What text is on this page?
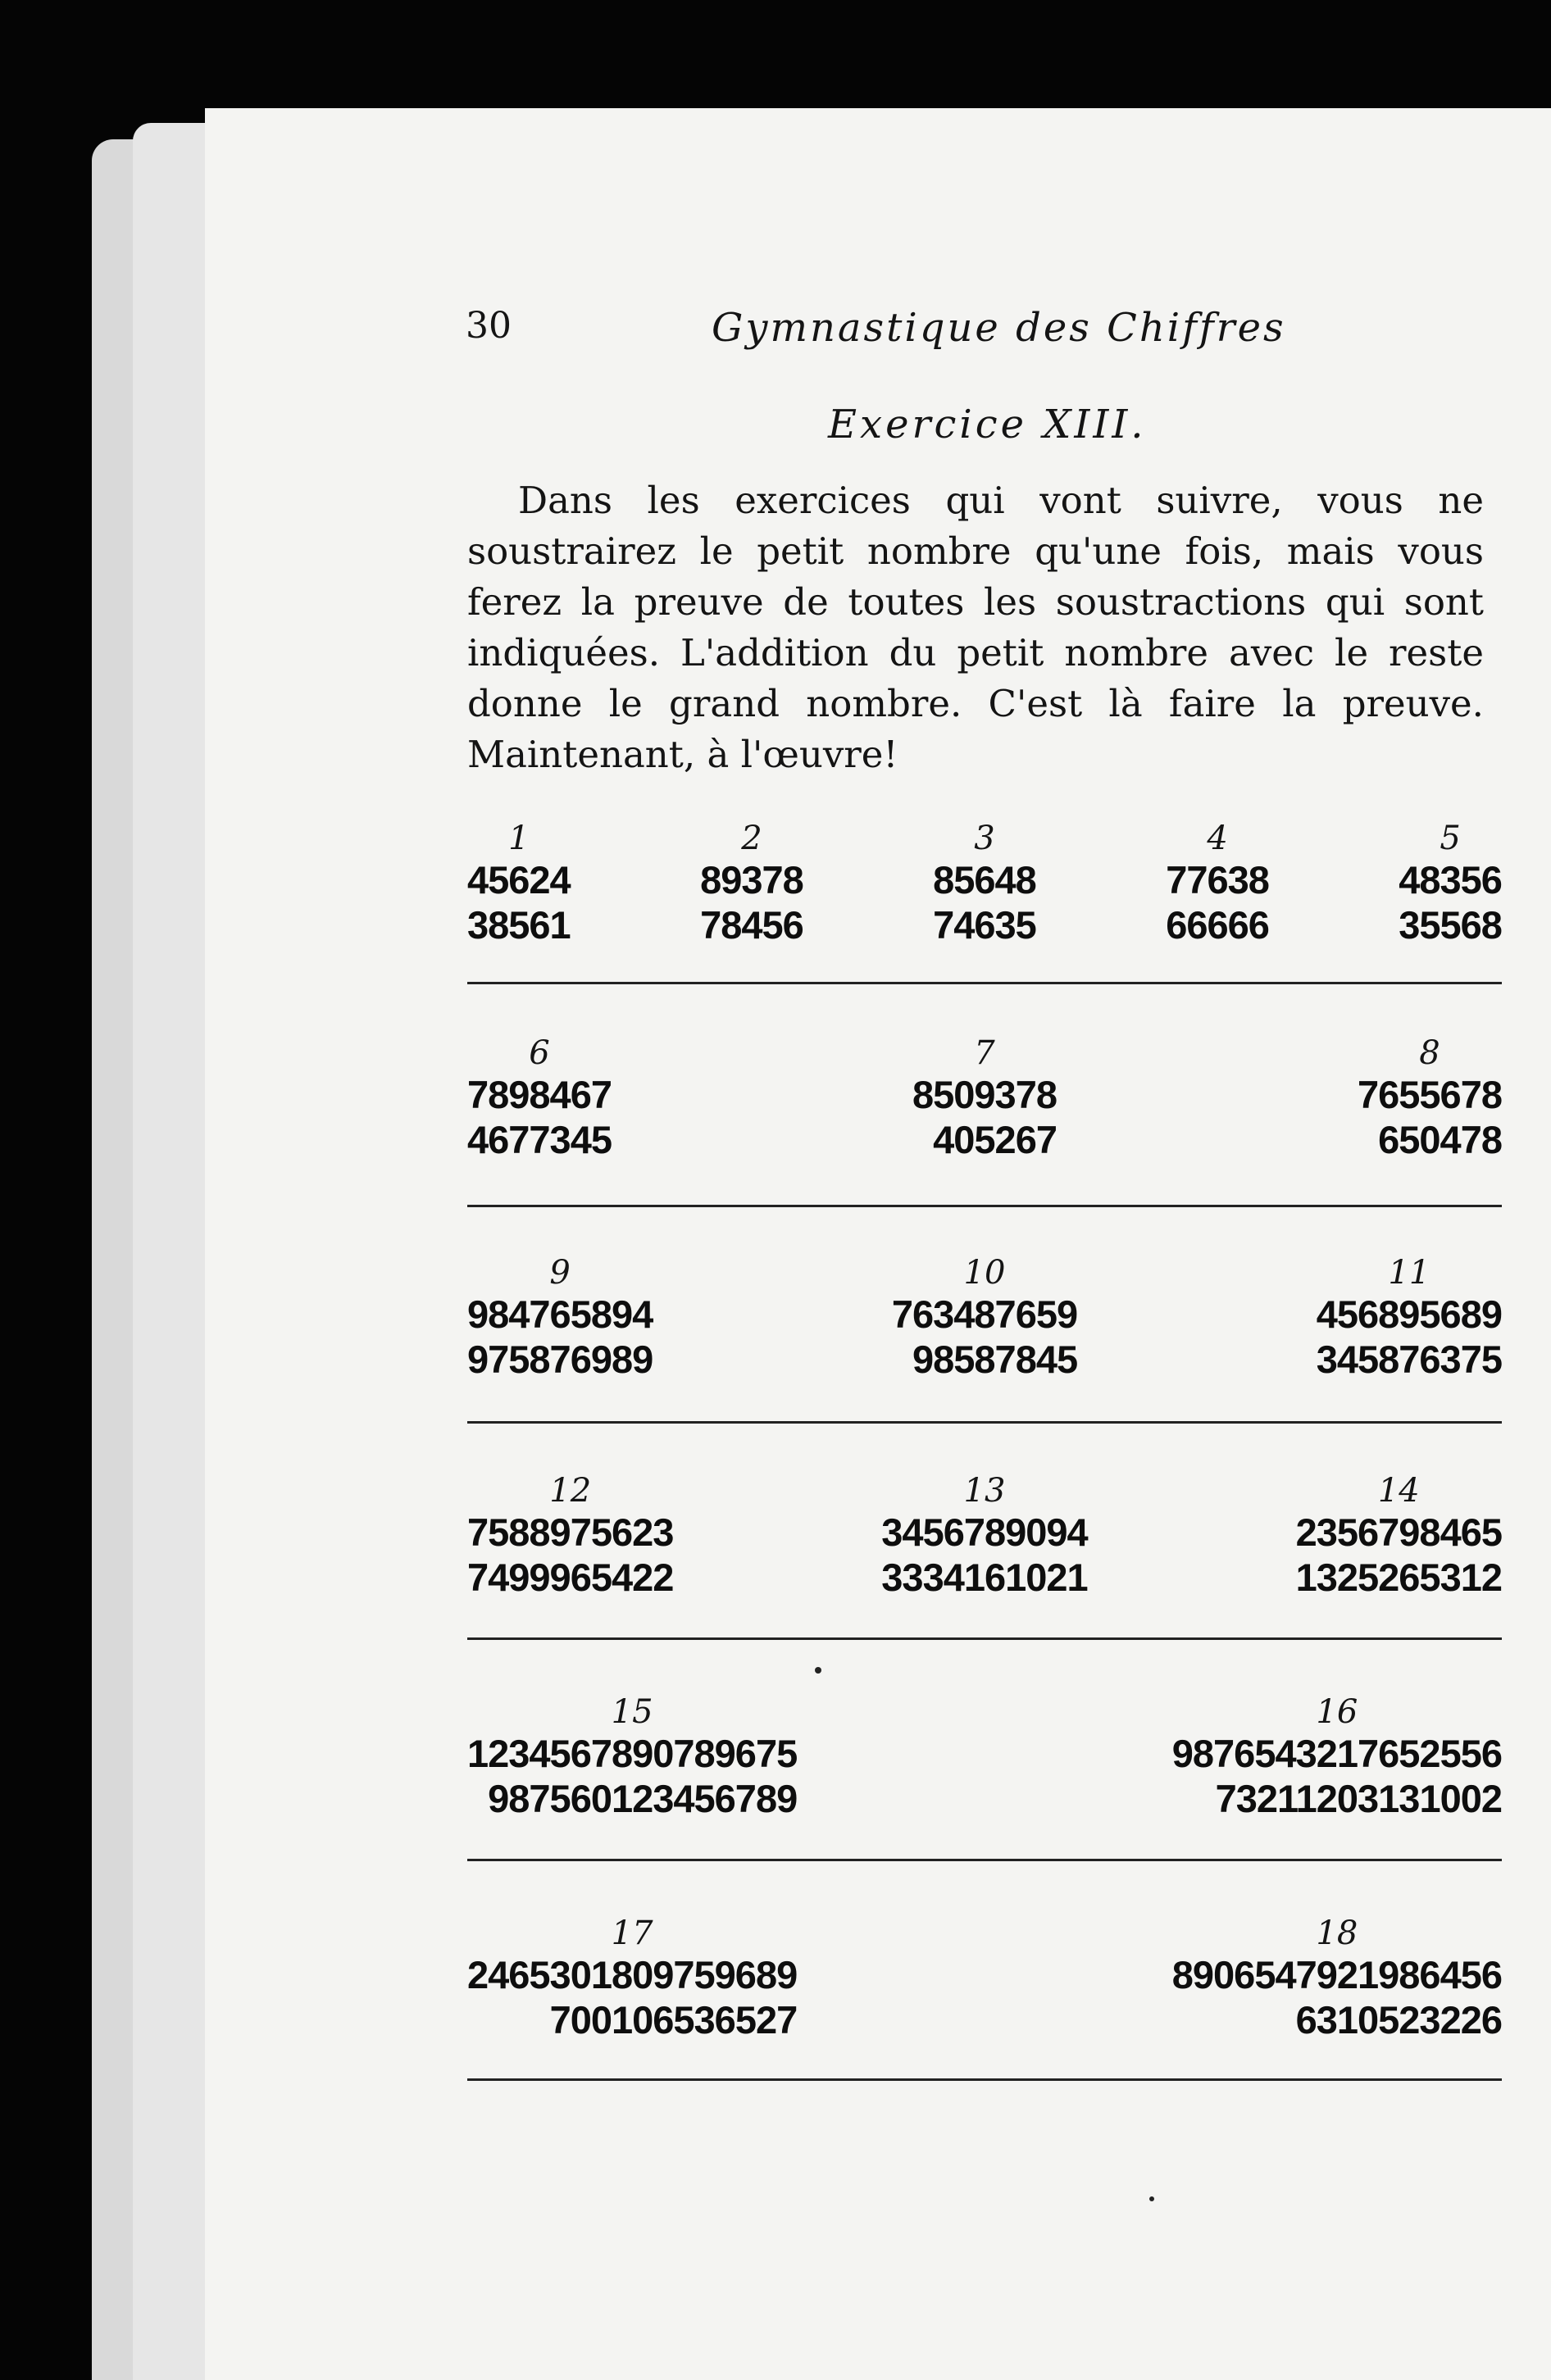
30	Gymnastique des Chiffres
Exercice XIII.
Dans les exercices qui vont suivre, vous ne soustrairez le petit nombre qu'une fois, mais vous ferez la preuve de toutes les soustractions qui sont indiquées. L'addition du petit nombre avec le reste donne le grand nombre. C'est là faire la preuve. Maintenant, à l'œuvre!
1
45624
38561
2
89378
78456
3
85648
74635
4
77638
66666
5
48356
35568
6
7898467
4677345
7
8509378
405267
8
7655678
650478
9
984765894
975876989
10
763487659
98587845
11
456895689
345876375
12
7588975623
7499965422
13
3456789094
3334161021
14
2356798465
1325265312
15
1234567890789675
987560123456789
16
9876543217652556
73211203131002
17
2465301809759689
700106536527
18
8906547921986456
6310523226
